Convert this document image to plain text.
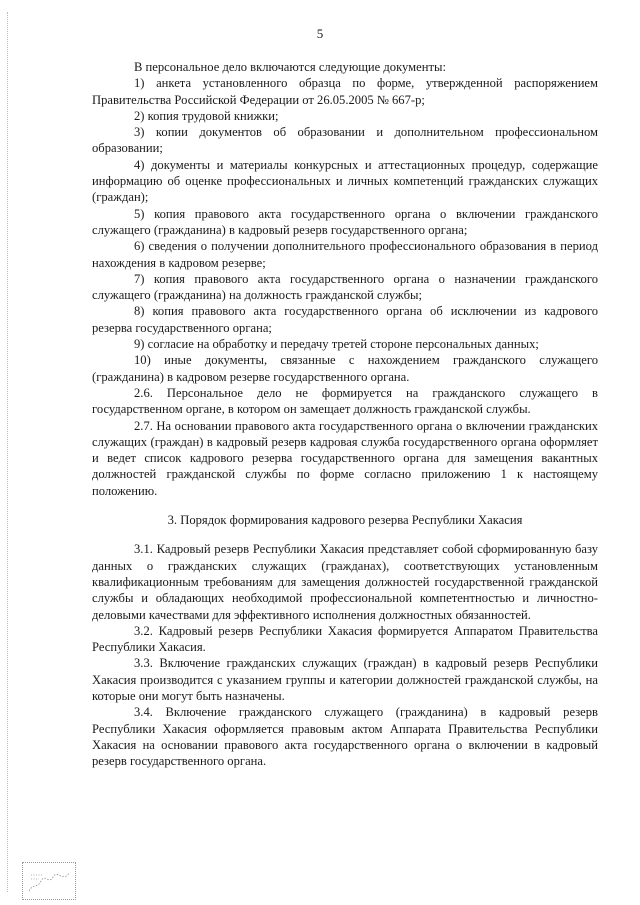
5

В персональное дело включаются следующие документы:

1) анкета установленного образца по форме, утвержденной распоряжением Правительства Российской Федерации от 26.05.2005 № 667-р;

2) копия трудовой книжки;

3) копии документов об образовании и дополнительном профессиональном образовании;

4) документы и материалы конкурсных и аттестационных процедур, содержащие информацию об оценке профессиональных и личных компетенций гражданских служащих (граждан);

5) копия правового акта государственного органа о включении гражданского служащего (гражданина) в кадровый резерв государственного органа;

6) сведения о получении дополнительного профессионального образования в период нахождения в кадровом резерве;

7) копия правового акта государственного органа о назначении гражданского служащего (гражданина) на должность гражданской службы;

8) копия правового акта государственного органа об исключении из кадрового резерва государственного органа;

9) согласие на обработку и передачу третей стороне персональных данных;

10) иные документы, связанные с нахождением гражданского служащего (гражданина) в кадровом резерве государственного органа.

2.6. Персональное дело не формируется на гражданского служащего в государственном органе, в котором он замещает должность гражданской службы.

2.7. На основании правового акта государственного органа о включении гражданских служащих (граждан) в кадровый резерв кадровая служба государственного органа оформляет и ведет список кадрового резерва государственного органа для замещения вакантных должностей гражданской службы по форме согласно приложению 1 к настоящему положению.

3. Порядок формирования кадрового резерва Республики Хакасия

3.1. Кадровый резерв Республики Хакасия представляет собой сформированную базу данных о гражданских служащих (гражданах), соответствующих установленным квалификационным требованиям для замещения должностей государственной гражданской службы и обладающих необходимой профессиональной компетентностью и личностно-деловыми качествами для эффективного исполнения должностных обязанностей.

3.2. Кадровый резерв Республики Хакасия формируется Аппаратом Правительства Республики Хакасия.

3.3. Включение гражданских служащих (граждан) в кадровый резерв Республики Хакасия производится с указанием группы и категории должностей гражданской службы, на которые они могут быть назначены.

3.4. Включение гражданского служащего (гражданина) в кадровый резерв Республики Хакасия оформляется правовым актом Аппарата Правительства Республики Хакасия на основании правового акта государственного органа о включении в кадровый резерв государственного органа.
